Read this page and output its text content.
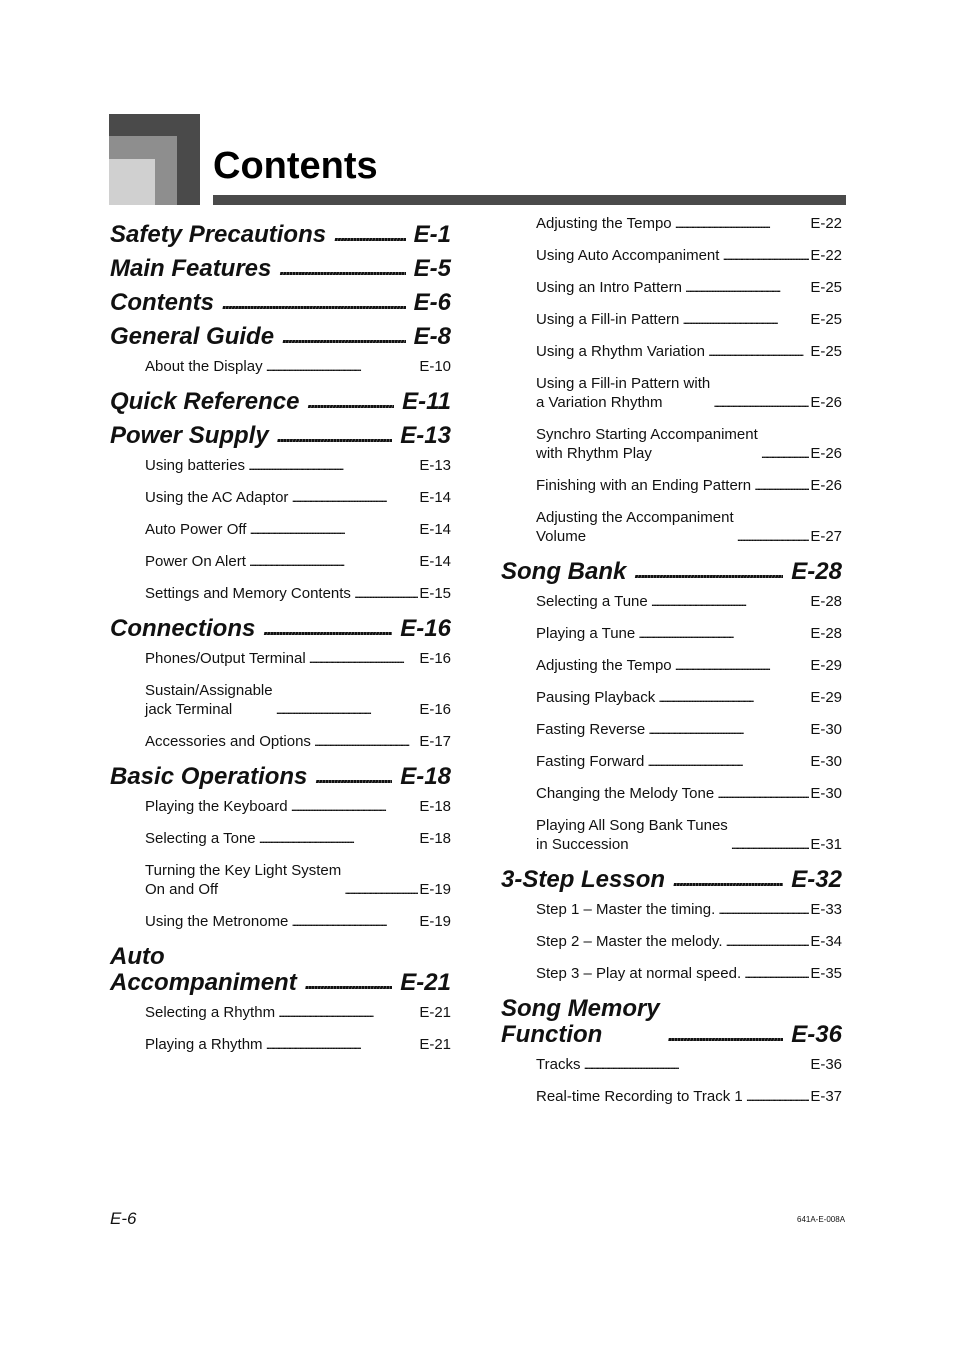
Contents
Safety Precautions . . .	E-1
Main Features . . .	E-5
Contents . . .	E-6
General Guide . . .	E-8
About the Display . . .	E-10
Quick Reference . . .	E-11
Power Supply . . .	E-13
Using batteries . . .	E-13
Using the AC Adaptor . . .	E-14
Auto Power Off . . .	E-14
Power On Alert . . .	E-14
Settings and Memory Contents . . .	E-15
Connections . . .	E-16
Phones/Output Terminal . . .	E-16
Sustain/Assignable
jack Terminal . . .	E-16
Accessories and Options . . .	E-17
Basic Operations . . .	E-18
Playing the Keyboard . . .	E-18
Selecting a Tone . . .	E-18
Turning the Key Light System
On and Off . . .	E-19
Using the Metronome . . .	E-19
Auto
Accompaniment . . .	E-21
Selecting a Rhythm . . .	E-21
Playing a Rhythm . . .	E-21
Adjusting the Tempo . . .	E-22
Using Auto Accompaniment . . .	E-22
Using an Intro Pattern . . .	E-25
Using a Fill-in Pattern . . .	E-25
Using a Rhythm Variation . . .	E-25
Using a Fill-in Pattern with
a Variation Rhythm . . .	E-26
Synchro Starting Accompaniment
with Rhythm Play . . .	E-26
Finishing with an Ending Pattern . . .	E-26
Adjusting the Accompaniment
Volume . . .	E-27
Song Bank . . .	E-28
Selecting a Tune . . .	E-28
Playing a Tune . . .	E-28
Adjusting the Tempo . . .	E-29
Pausing Playback . . .	E-29
Fasting Reverse . . .	E-30
Fasting Forward . . .	E-30
Changing the Melody Tone . . .	E-30
Playing All Song Bank Tunes
in Succession . . .	E-31
3-Step Lesson . . .	E-32
Step 1 – Master the timing. . . .	E-33
Step 2 – Master the melody. . . .	E-34
Step 3 – Play at normal speed. . . .	E-35
Song Memory
Function . . .	E-36
Tracks . . .	E-36
Real-time Recording to Track 1 . . .	E-37
E-6	641A-E-008A
